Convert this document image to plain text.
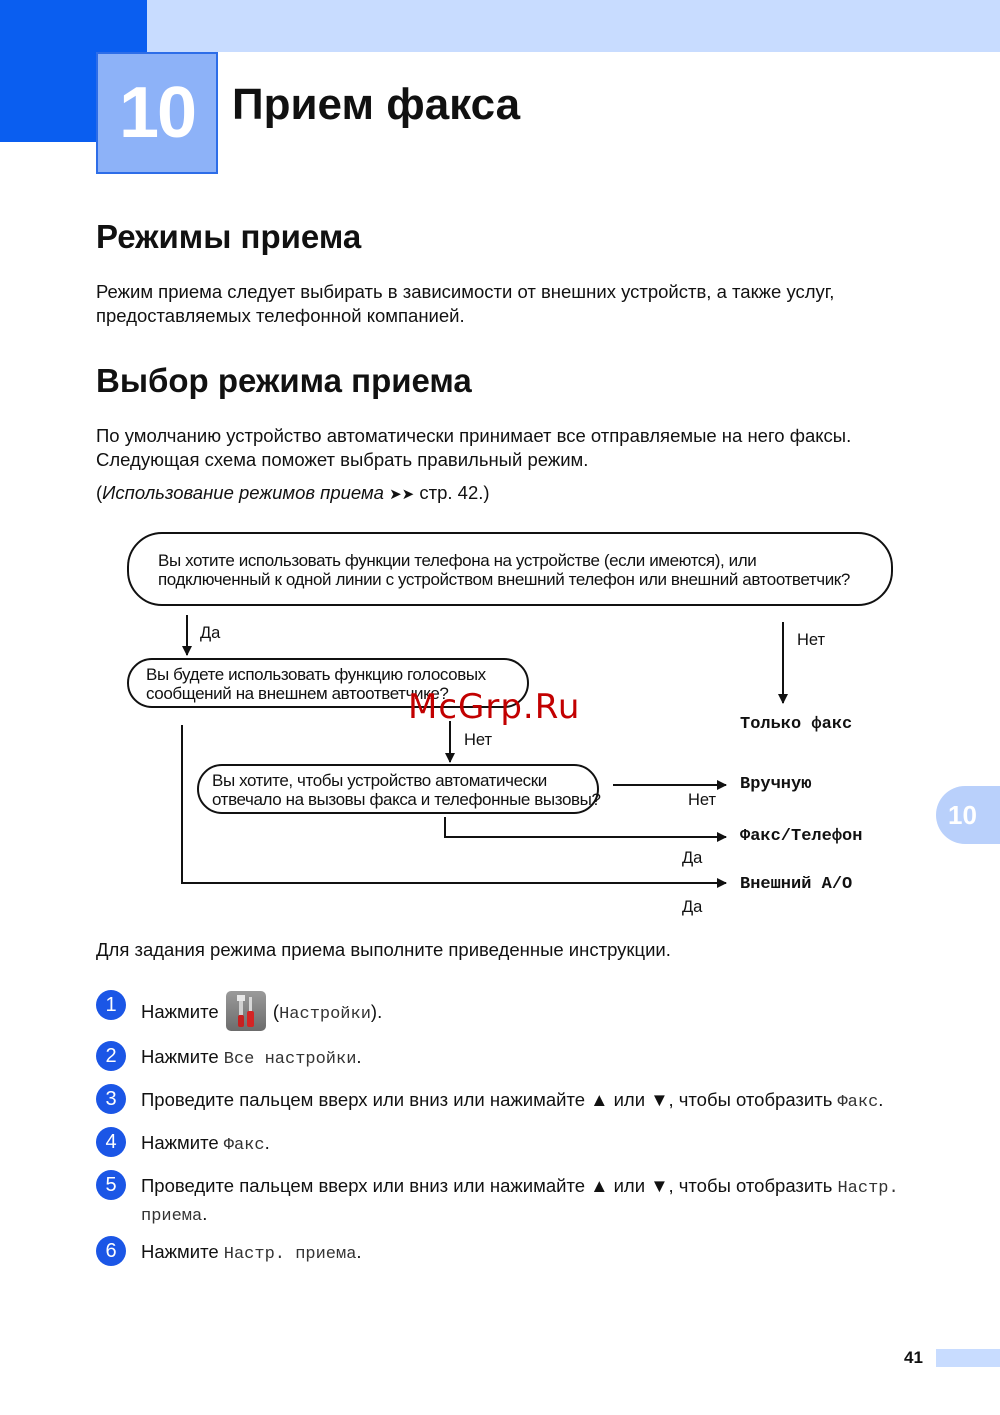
10 Прием факса
10
Режимы приема

Режим приема следует выбирать в зависимости от внешних устройств, а также услуг,

предоставляемых телефонной компанией.

Выбор режима приема

По умолчанию устройство автоматически принимает все отправляемые на него факсы.

Следующая схема поможет выбрать правильный режим.

(Использование режимов приема ➤➤ стр. 42.)

Вы хотите использовать функции телефона на устройстве (если имеются), или
подключенный к одной линии с устройством внешний телефон или внешний автоответчик?
Вы будете использовать функцию голосовых
сообщений на внешнем автоответчике?
Вы хотите, чтобы устройство автоматически
отвечало на вызовы факса и телефонные вызовы?
Да	Нет
Нет
Нет
Да
Да
Только факс
Вручную
Факс/Телефон
Внешний А/О
McGrp.Ru

Для задания режима приема выполните приведенные инструкции.

1	Нажмите  (Настройки).
2	Нажмите Все настройки.
3	Проведите пальцем вверх или вниз или нажимайте ▲ или ▼, чтобы отобразить Факс.
4	Нажмите Факс.
5	Проведите пальцем вверх или вниз или нажимайте ▲ или ▼, чтобы отобразить Настр.
приема.
6	Нажмите Настр. приема.
41
